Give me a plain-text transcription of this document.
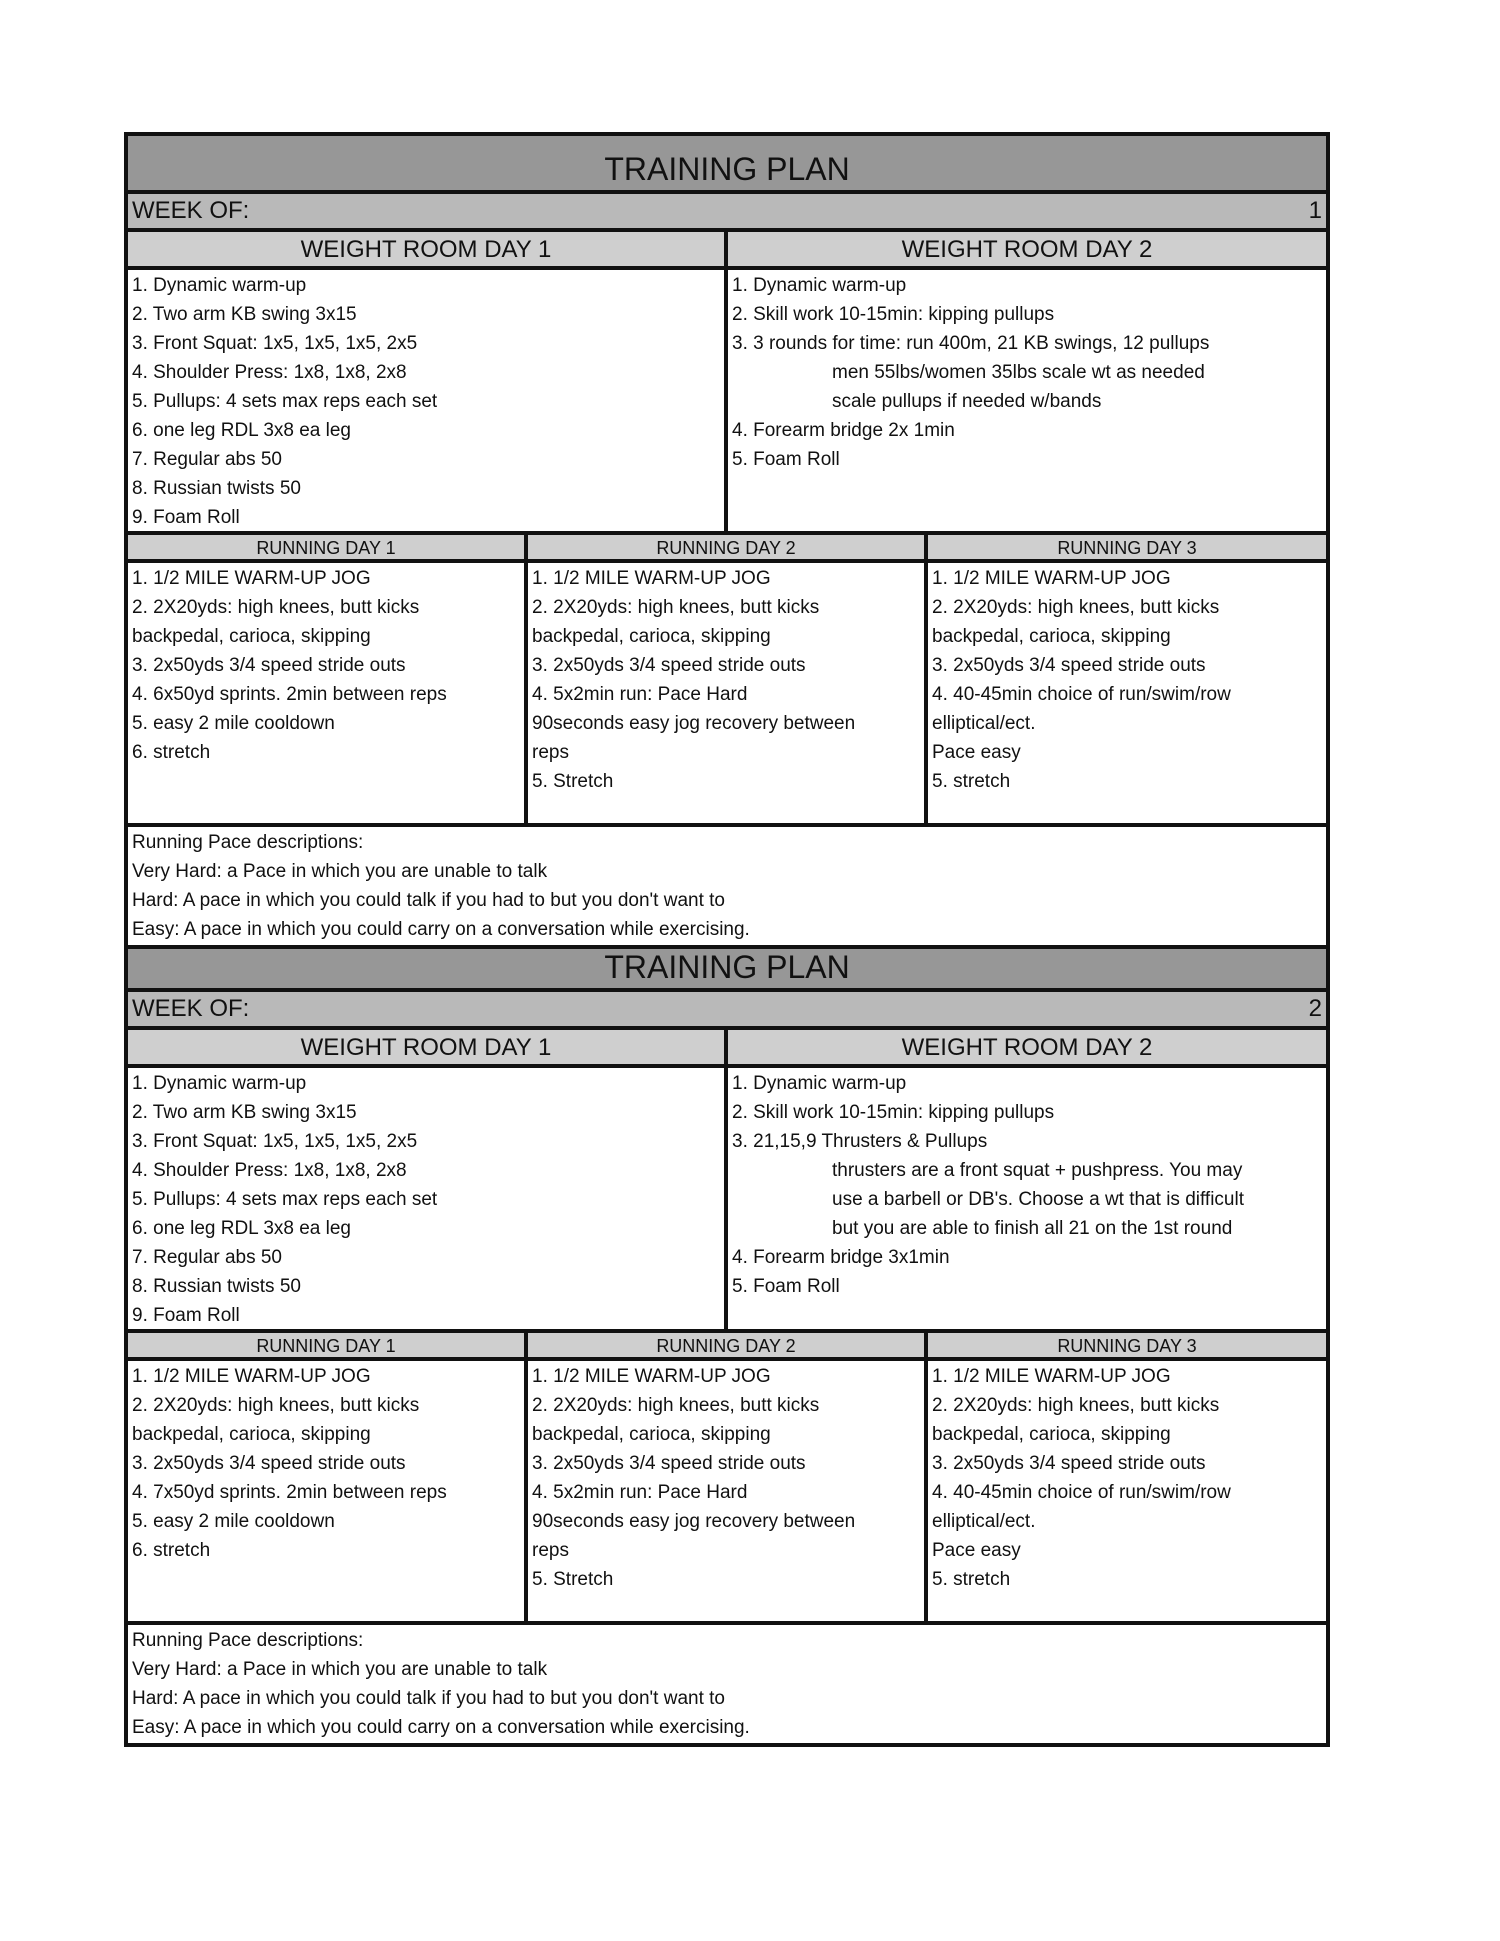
TRAINING PLAN
WEEK OF:	1
WEIGHT ROOM DAY 1	WEIGHT ROOM DAY 2
1. Dynamic warm-up
2. Two arm KB swing 3x15
3. Front Squat: 1x5, 1x5, 1x5, 2x5
4. Shoulder Press: 1x8, 1x8, 2x8
5. Pullups: 4 sets max reps each set
6. one leg RDL 3x8 ea leg
7. Regular abs 50
8. Russian twists 50
9. Foam Roll
1. Dynamic warm-up
2. Skill work 10-15min: kipping pullups
3. 3 rounds for time: run 400m, 21 KB swings, 12 pullups
men 55lbs/women 35lbs scale wt as needed
scale pullups if needed w/bands
4. Forearm bridge 2x 1min
5. Foam Roll
RUNNING DAY 1	RUNNING DAY 2	RUNNING DAY 3
1. 1/2 MILE WARM-UP JOG
2. 2X20yds: high knees, butt kicks
backpedal, carioca, skipping
3. 2x50yds 3/4 speed stride outs
4. 6x50yd sprints. 2min between reps
5. easy 2 mile cooldown
6. stretch
1. 1/2 MILE WARM-UP JOG
2. 2X20yds: high knees, butt kicks
backpedal, carioca, skipping
3. 2x50yds 3/4 speed stride outs
4. 5x2min run: Pace Hard
90seconds easy jog recovery between
reps
5. Stretch
1. 1/2 MILE WARM-UP JOG
2. 2X20yds: high knees, butt kicks
backpedal, carioca, skipping
3. 2x50yds 3/4 speed stride outs
4. 40-45min choice of run/swim/row
elliptical/ect.
Pace easy
5. stretch
Running Pace descriptions:
Very Hard: a Pace in which you are unable to talk
Hard: A pace in which you could talk if you had to but you don't want to
Easy: A pace in which you could carry on a conversation while exercising.
TRAINING PLAN
WEEK OF:	2
WEIGHT ROOM DAY 1	WEIGHT ROOM DAY 2
1. Dynamic warm-up
2. Two arm KB swing 3x15
3. Front Squat: 1x5, 1x5, 1x5, 2x5
4. Shoulder Press: 1x8, 1x8, 2x8
5. Pullups: 4 sets max reps each set
6. one leg RDL 3x8 ea leg
7. Regular abs 50
8. Russian twists 50
9. Foam Roll
1. Dynamic warm-up
2. Skill work 10-15min: kipping pullups
3. 21,15,9 Thrusters & Pullups
thrusters are a front squat + pushpress. You may
use a barbell or DB's. Choose a wt that is difficult
but you are able to finish all 21 on the 1st round
4. Forearm bridge 3x1min
5. Foam Roll
RUNNING DAY 1	RUNNING DAY 2	RUNNING DAY 3
1. 1/2 MILE WARM-UP JOG
2. 2X20yds: high knees, butt kicks
backpedal, carioca, skipping
3. 2x50yds 3/4 speed stride outs
4. 7x50yd sprints. 2min between reps
5. easy 2 mile cooldown
6. stretch
1. 1/2 MILE WARM-UP JOG
2. 2X20yds: high knees, butt kicks
backpedal, carioca, skipping
3. 2x50yds 3/4 speed stride outs
4. 5x2min run: Pace Hard
90seconds easy jog recovery between
reps
5. Stretch
1. 1/2 MILE WARM-UP JOG
2. 2X20yds: high knees, butt kicks
backpedal, carioca, skipping
3. 2x50yds 3/4 speed stride outs
4. 40-45min choice of run/swim/row
elliptical/ect.
Pace easy
5. stretch
Running Pace descriptions:
Very Hard: a Pace in which you are unable to talk
Hard: A pace in which you could talk if you had to but you don't want to
Easy: A pace in which you could carry on a conversation while exercising.
